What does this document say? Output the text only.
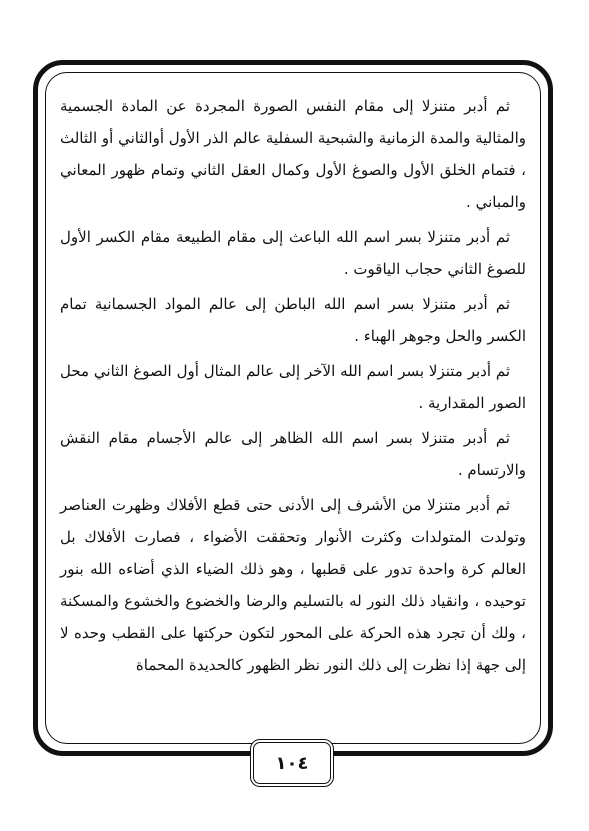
ثم أدبر متنزلا إلى مقام النفس الصورة المجردة عن المادة الجسمية والمثالية والمدة الزمانية والشبحية السفلية عالم الذر الأول أوالثاني أو الثالث ، فتمام الخلق الأول والصوغ الأول وكمال العقل الثاني وتمام ظهور المعاني والمباني .

ثم أدبر متنزلا بسر اسم الله الباعث إلى مقام الطبيعة مقام الكسر الأول للصوغ الثاني حجاب الياقوت .

ثم أدبر متنزلا بسر اسم الله الباطن إلى عالم المواد الجسمانية تمام الكسر والحل وجوهر الهباء .

ثم أدبر متنزلا بسر اسم الله الآخر إلى عالم المثال أول الصوغ الثاني محل الصور المقدارية .

ثم أدبر متنزلا بسر اسم الله الظاهر إلى عالم الأجسام مقام النقش والارتسام .

ثم أدبر متنزلا من الأشرف إلى الأدنى حتى قطع الأفلاك وظهرت العناصر وتولدت المتولدات وكثرت الأنوار وتحققت الأضواء ، فصارت الأفلاك بل العالم كرة واحدة تدور على قطبها ، وهو ذلك الضياء الذي أضاءه الله بنور توحيده ، وانقياد ذلك النور له بالتسليم والرضا والخضوع والخشوع والمسكنة ، ولك أن تجرد هذه الحركة على المحور لتكون حركتها على القطب وحده لا إلى جهة إذا نظرت إلى ذلك النور نظر الظهور كالحديدة المحماة

١٠٤
